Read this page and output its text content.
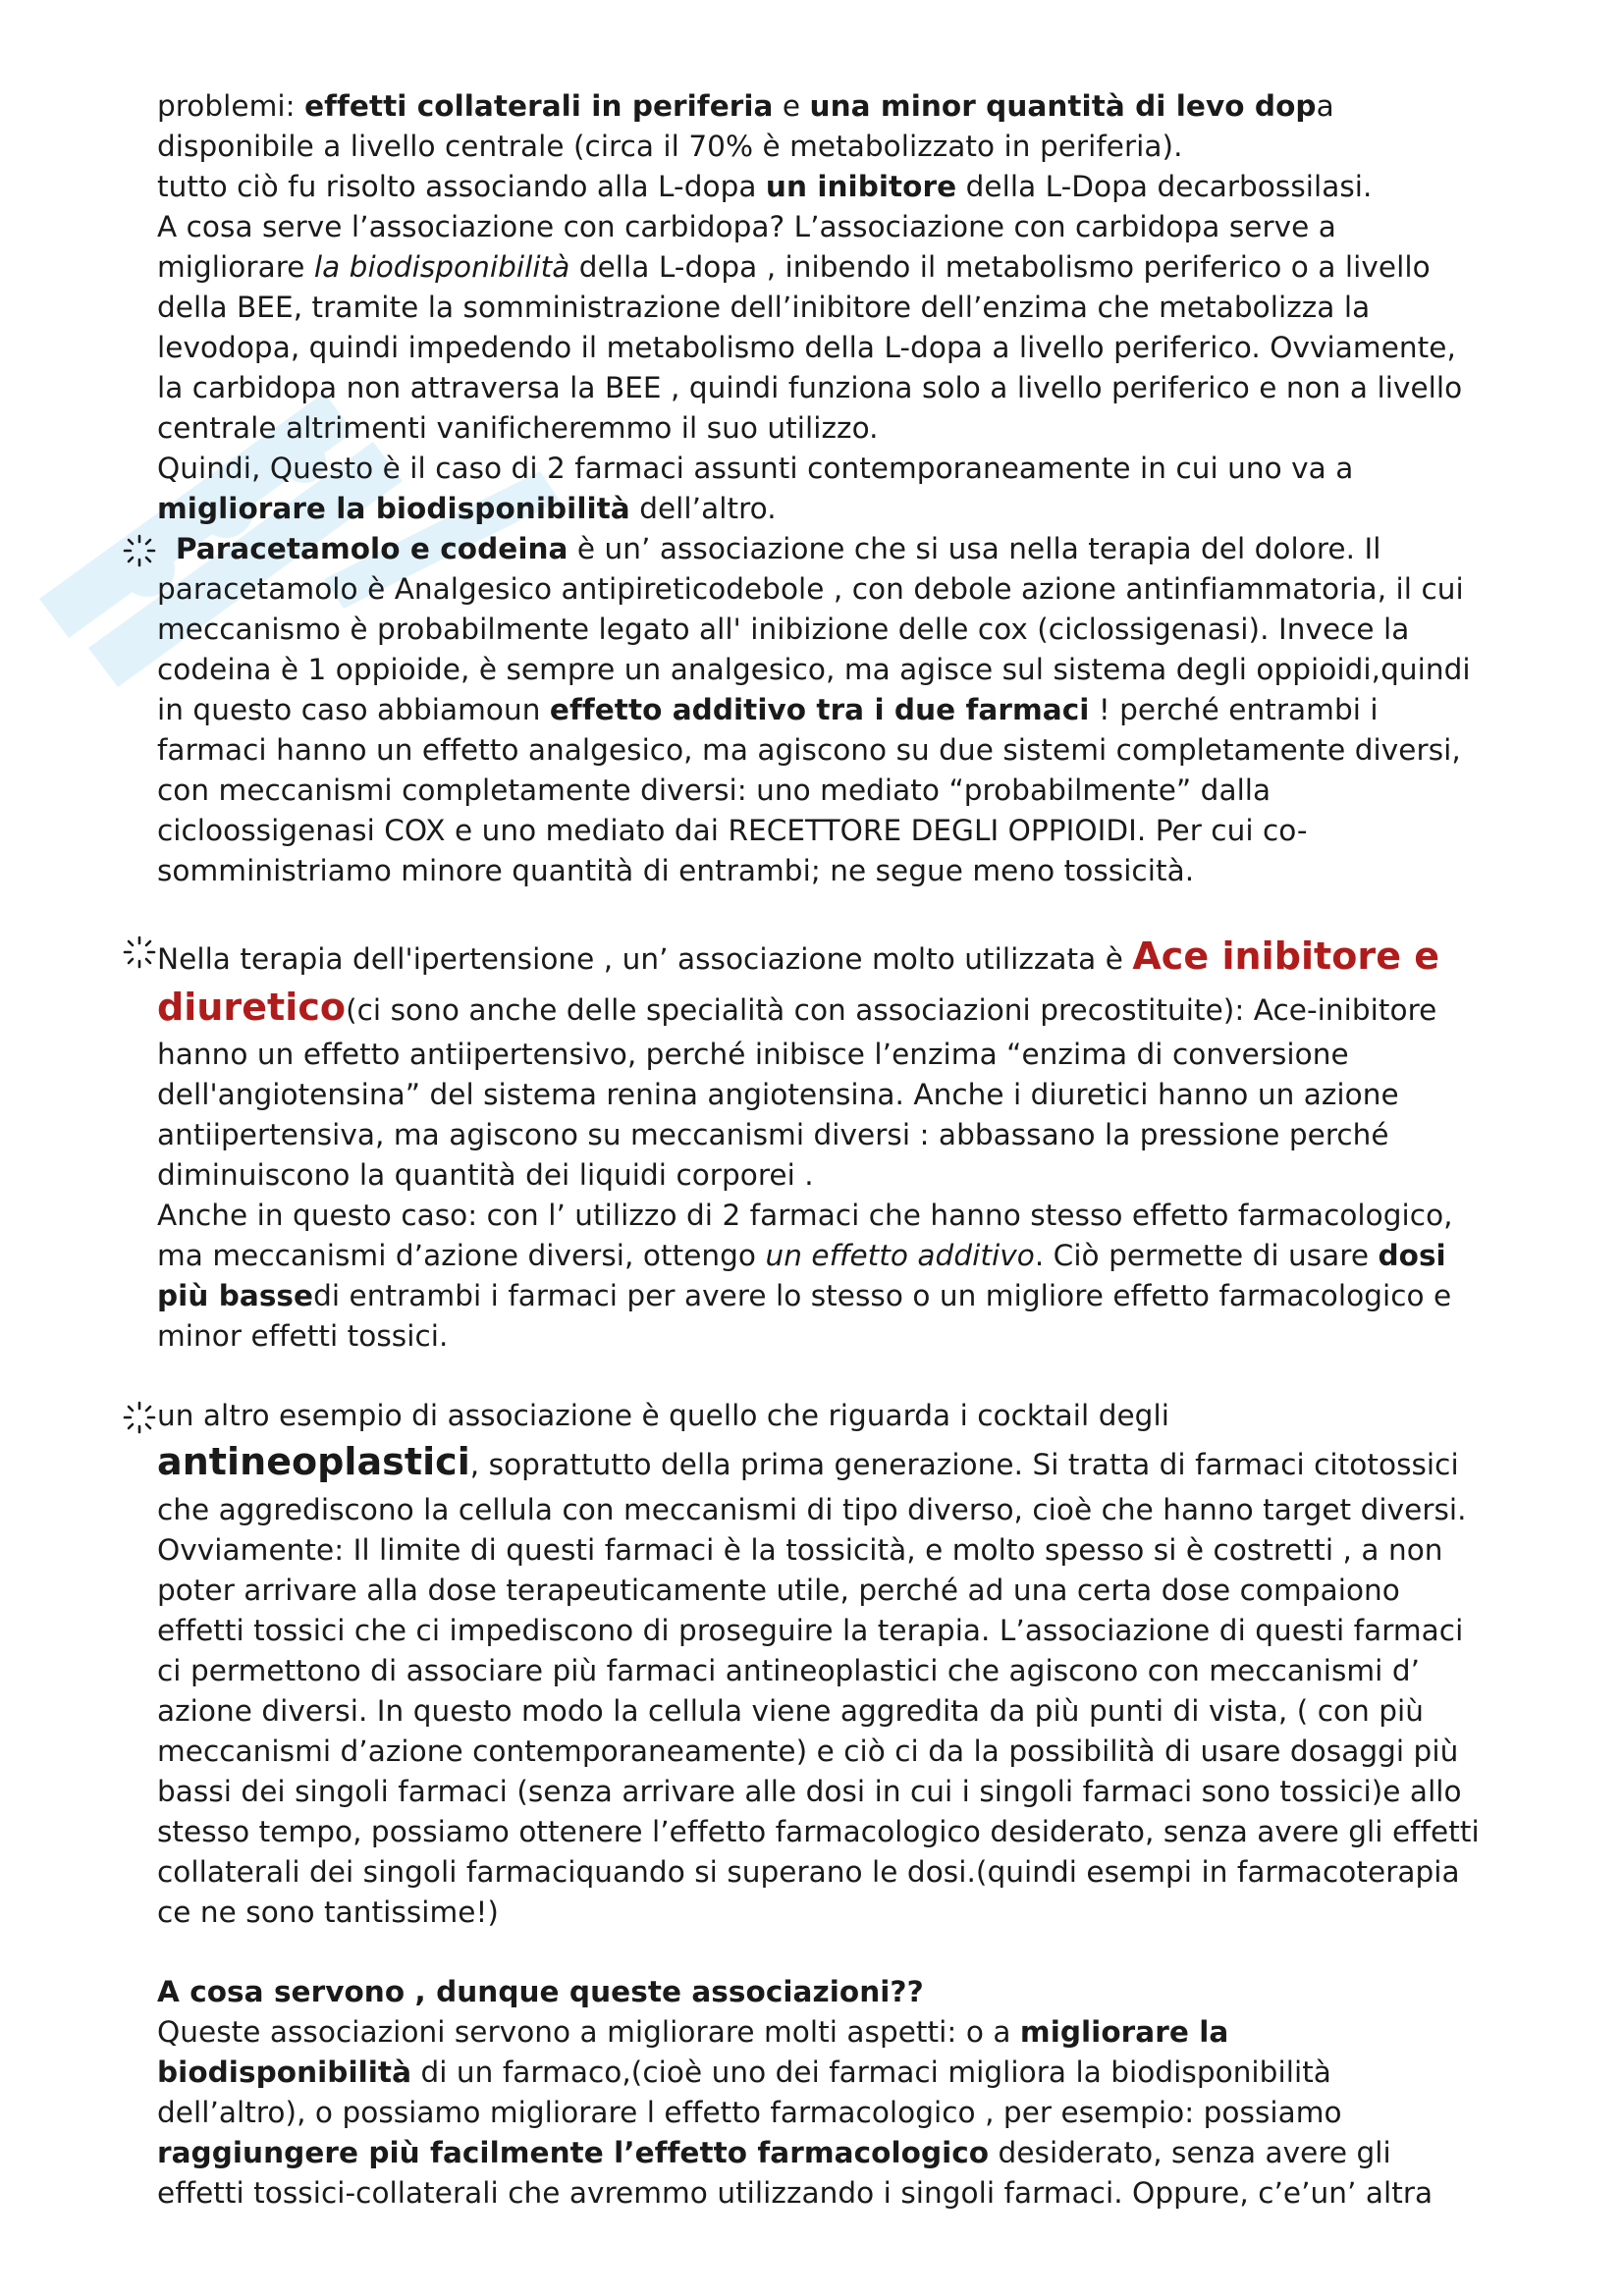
problemi: effetti collaterali in periferia e una minor quantità di levo dopa

disponibile a livello centrale (circa il 70% è metabolizzato in periferia).

tutto ciò fu risolto associando alla L-dopa un inibitore della L-Dopa decarbossilasi.

A cosa serve l’associazione con carbidopa? L’associazione con carbidopa serve a

migliorare la biodisponibilità della L-dopa , inibendo il metabolismo periferico o a livello

della BEE, tramite la somministrazione dell’inibitore dell’enzima che metabolizza la

levodopa, quindi impedendo il metabolismo della L-dopa a livello periferico. Ovviamente,

la carbidopa non attraversa la BEE , quindi funziona solo a livello periferico e non a livello

centrale altrimenti vanificheremmo il suo utilizzo.

Quindi, Questo è il caso di 2 farmaci assunti contemporaneamente in cui uno va a

migliorare la biodisponibilità dell’altro.

Paracetamolo e codeina è un’ associazione che si usa nella terapia del dolore. Il

paracetamolo è Analgesico antipireticodebole , con debole azione antinfiammatoria, il cui

meccanismo è probabilmente legato all' inibizione delle cox (ciclossigenasi). Invece la

codeina è 1 oppioide, è sempre un analgesico, ma agisce sul sistema degli oppioidi,quindi

in questo caso abbiamoun effetto additivo tra i due farmaci ! perché entrambi i

farmaci hanno un effetto analgesico, ma agiscono su due sistemi completamente diversi,

con meccanismi completamente diversi: uno mediato “probabilmente” dalla

cicloossigenasi COX e uno mediato dai RECETTORE DEGLI OPPIOIDI. Per cui co-

somministriamo minore quantità di entrambi; ne segue meno tossicità.

Nella terapia dell'ipertensione , un’ associazione molto utilizzata è Ace inibitore e

diuretico(ci sono anche delle specialità con associazioni precostituite): Ace-inibitore

hanno un effetto antiipertensivo, perché inibisce l’enzima “enzima di conversione

dell'angiotensina” del sistema renina angiotensina. Anche i diuretici hanno un azione

antiipertensiva, ma agiscono su meccanismi diversi : abbassano la pressione perché

diminuiscono la quantità dei liquidi corporei .

Anche in questo caso: con l’ utilizzo di 2 farmaci che hanno stesso effetto farmacologico,

ma meccanismi d’azione diversi, ottengo un effetto additivo. Ciò permette di usare dosi

più bassedi entrambi i farmaci per avere lo stesso o un migliore effetto farmacologico e

minor effetti tossici.

un altro esempio di associazione è quello che riguarda i cocktail degli

antineoplastici, soprattutto della prima generazione. Si tratta di farmaci citotossici

che aggrediscono la cellula con meccanismi di tipo diverso, cioè che hanno target diversi.

Ovviamente: Il limite di questi farmaci è la tossicità, e molto spesso si è costretti , a non

poter arrivare alla dose terapeuticamente utile, perché ad una certa dose compaiono

effetti tossici che ci impediscono di proseguire la terapia. L’associazione di questi farmaci

ci permettono di associare più farmaci antineoplastici che agiscono con meccanismi d’

azione diversi. In questo modo la cellula viene aggredita da più punti di vista, ( con più

meccanismi d’azione contemporaneamente) e ciò ci da la possibilità di usare dosaggi più

bassi dei singoli farmaci (senza arrivare alle dosi in cui i singoli farmaci sono tossici)e allo

stesso tempo, possiamo ottenere l’effetto farmacologico desiderato, senza avere gli effetti

collaterali dei singoli farmaciquando si superano le dosi.(quindi esempi in farmacoterapia

ce ne sono tantissime!)

A cosa servono , dunque queste associazioni??

Queste associazioni servono a migliorare molti aspetti: o a migliorare la

biodisponibilità di un farmaco,(cioè uno dei farmaci migliora la biodisponibilità

dell’altro), o possiamo migliorare l effetto farmacologico , per esempio: possiamo

raggiungere più facilmente l’effetto farmacologico desiderato, senza avere gli

effetti tossici-collaterali che avremmo utilizzando i singoli farmaci. Oppure, c’e’un’ altra
